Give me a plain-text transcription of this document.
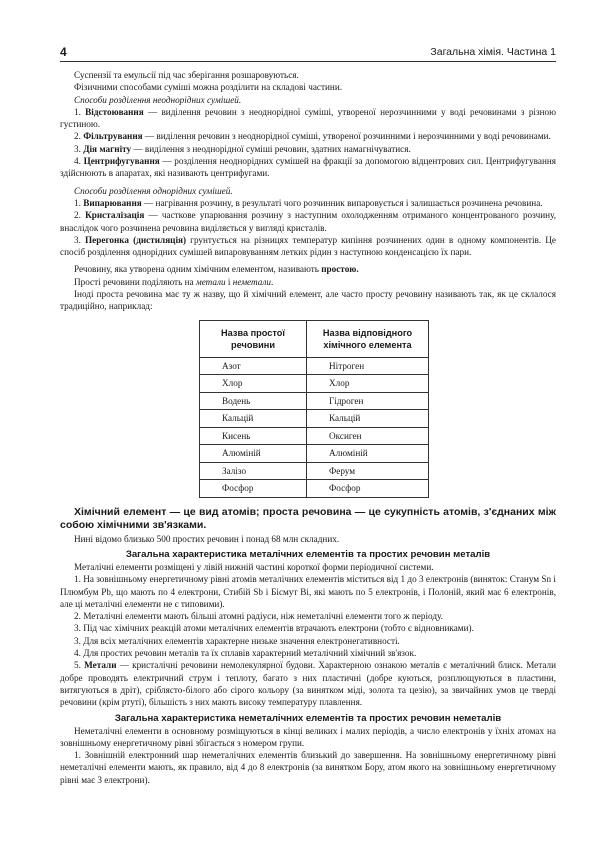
4	Загальна хімія. Частина 1

Суспензії та емульсії під час зберігання розшаровуються.

Фізичними способами суміші можна розділити на складові частини.

Способи розділення неоднорідних сумішей.

1. Відстоювання — виділення речовин з неоднорідної суміші, утвореної нерозчинними у воді речовинами з різною густиною.

2. Фільтрування — виділення речовин з неоднорідної суміші, утвореної розчинними і нерозчинними у воді речовинами.

3. Дія магніту — виділення з неоднорідної суміші речовин, здатних намагнічуватися.

4. Центрифугування — розділення неоднорідних сумішей на фракції за допомогою відцентрових сил. Центрифугування здійснюють в апаратах, які називають центрифугами.

Способи розділення однорідних сумішей.

1. Випарювання — нагрівання розчину, в результаті чого розчинник випаровується і залишається розчинена речовина.

2. Кристалізація — часткове упарювання розчину з наступним охолодженням отриманого концентрованого розчину, внаслідок чого розчинена речовина виділяється у вигляді кристалів.

3. Перегонка (дистиляція) грунтується на різницях температур кипіння розчинених один в одному компонентів. Це спосіб розділення однорідних сумішей випаровуванням летких рідин з наступною конденсацією їх пари.

Речовину, яка утворена одним хімічним елементом, називають простою.

Прості речовини поділяють на метали і неметали.

Іноді проста речовина має ту ж назву, що й хімічний елемент, але часто просту речовину називають так, як це склалося традиційно, наприклад:

Назва простої речовини	Назва відповідного хімічного елемента
Азот	Нітроген
Хлор	Хлор
Водень	Гідроген
Кальцій	Кальцій
Кисень	Оксиген
Алюміній	Алюміній
Залізо	Ферум
Фосфор	Фосфор

Хімічний елемент — це вид атомів; проста речовина — це сукупність атомів, з'єднаних між собою хімічними зв'язками.

Нині відомо близько 500 простих речовин і понад 68 млн складних.

Загальна характеристика металічних елементів та простих речовин металів

Металічні елементи розміщені у лівій нижній частині короткої форми періодичної системи.

1. На зовнішньому енергетичному рівні атомів металічних елементів міститься від 1 до 3 електронів (виняток: Станум Sn і Плюмбум Pb, що мають по 4 електрони, Стибій Sb і Бісмут Bi, які мають по 5 електронів, і Полоній, який має 6 електронів, але ці металічні елементи не є типовими).

2. Металічні елементи мають більші атомні радіуси, ніж неметалічні елементи того ж періоду.

3. Під час хімічних реакцій атоми металічних елементів втрачають електрони (тобто є відновниками).

3. Для всіх металічних елементів характерне низьке значення електронегативності.

4. Для простих речовин металів та їх сплавів характерний металічний хімічний зв'язок.

5. Метали — кристалічні речовини немолекулярної будови. Характерною ознакою металів є металічний блиск. Метали добре проводять електричний струм і теплоту, багато з них пластичні (добре куються, розплющуються в пластини, витягуються в дріт), сріблясто-білого або сірого кольору (за винятком міді, золота та цезію), за звичайних умов це тверді речовини (крім ртуті), більшість з них мають високу температуру плавлення.

Загальна характеристика неметалічних елементів та простих речовин неметалів

Неметалічні елементи в основному розміщуються в кінці великих і малих періодів, а число електронів у їхніх атомах на зовнішньому енергетичному рівні збігається з номером групи.

1. Зовнішній електронний шар неметалічних елементів близький до завершення. На зовнішньому енергетичному рівні неметалічні елементи мають, як правило, від 4 до 8 електронів (за винятком Бору, атом якого на зовнішньому енергетичному рівні має 3 електрони).
